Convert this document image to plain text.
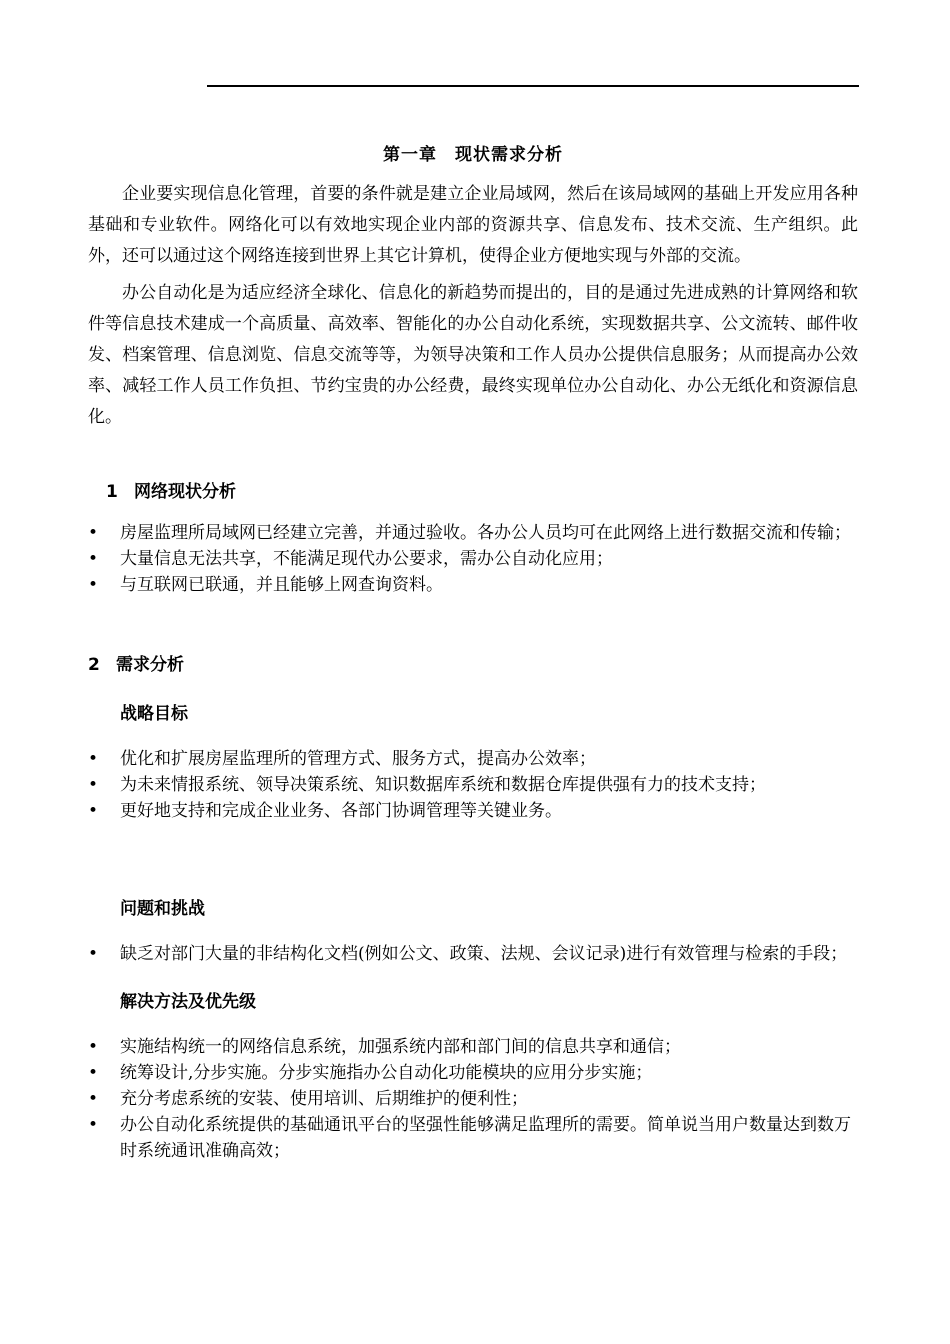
第一章　现状需求分析

企业要实现信息化管理，首要的条件就是建立企业局域网，然后在该局域网的基础上开发应用各种基础和专业软件。网络化可以有效地实现企业内部的资源共享、信息发布、技术交流、生产组织。此外，还可以通过这个网络连接到世界上其它计算机，使得企业方便地实现与外部的交流。

办公自动化是为适应经济全球化、信息化的新趋势而提出的，目的是通过先进成熟的计算网络和软件等信息技术建成一个高质量、高效率、智能化的办公自动化系统，实现数据共享、公文流转、邮件收发、档案管理、信息浏览、信息交流等等，为领导决策和工作人员办公提供信息服务；从而提高办公效率、减轻工作人员工作负担、节约宝贵的办公经费，最终实现单位办公自动化、办公无纸化和资源信息化。

1 网络现状分析
• 房屋监理所局域网已经建立完善，并通过验收。各办公人员均可在此网络上进行数据交流和传输；
• 大量信息无法共享，不能满足现代办公要求，需办公自动化应用；
• 与互联网已联通，并且能够上网查询资料。
2 需求分析
战略目标
• 优化和扩展房屋监理所的管理方式、服务方式，提高办公效率；
• 为未来情报系统、领导决策系统、知识数据库系统和数据仓库提供强有力的技术支持；
• 更好地支持和完成企业业务、各部门协调管理等关键业务。
问题和挑战
• 缺乏对部门大量的非结构化文档(例如公文、政策、法规、会议记录)进行有效管理与检索的手段；
解决方法及优先级
• 实施结构统一的网络信息系统，加强系统内部和部门间的信息共享和通信；
• 统筹设计,分步实施。分步实施指办公自动化功能模块的应用分步实施；
• 充分考虑系统的安装、使用培训、后期维护的便利性；
• 办公自动化系统提供的基础通讯平台的坚强性能够满足监理所的需要。简单说当用户数量达到数万时系统通讯准确高效；
